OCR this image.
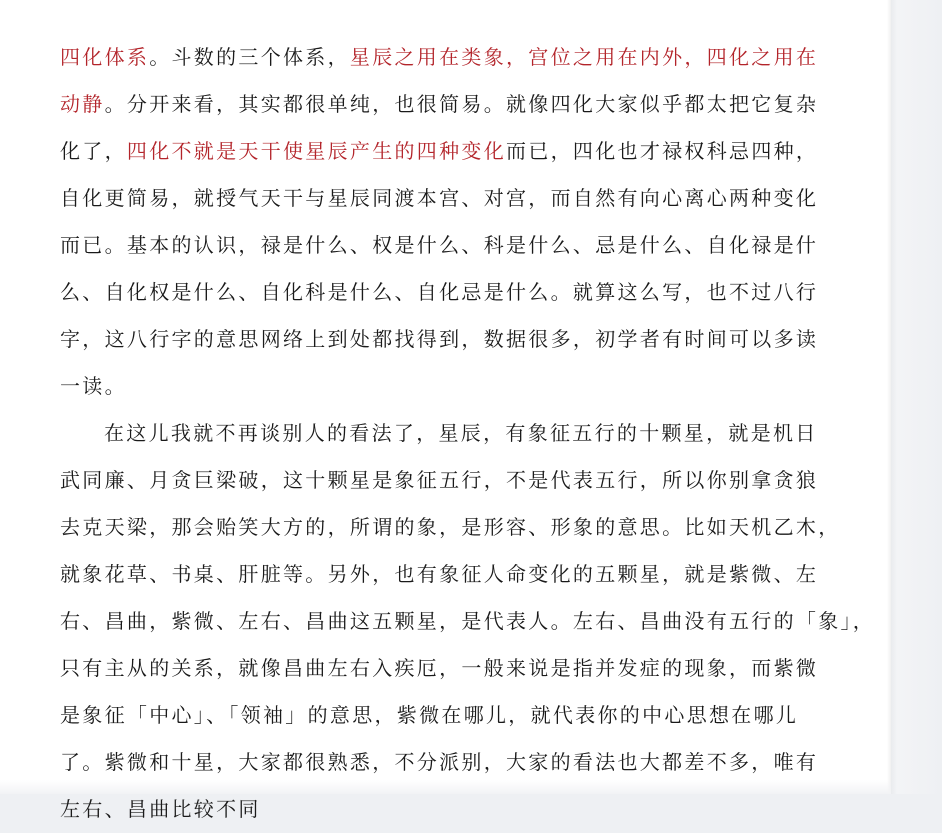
四化体系。斗数的三个体系，星辰之用在类象，宫位之用在内外，四化之用在
动静。分开来看，其实都很单纯，也很简易。就像四化大家似乎都太把它复杂
化了，四化不就是天干使星辰产生的四种变化而已，四化也才禄权科忌四种，
自化更简易，就授气天干与星辰同渡本宫、对宫，而自然有向心离心两种变化
而已。基本的认识，禄是什么、权是什么、科是什么、忌是什么、自化禄是什
么、自化权是什么、自化科是什么、自化忌是什么。就算这么写，也不过八行
字，这八行字的意思网络上到处都找得到，数据很多，初学者有时间可以多读
一读。
在这儿我就不再谈别人的看法了，星辰，有象征五行的十颗星，就是机日
武同廉、月贪巨梁破，这十颗星是象征五行，不是代表五行，所以你别拿贪狼
去克天梁，那会贻笑大方的，所谓的象，是形容、形象的意思。比如天机乙木，
就象花草、书桌、肝脏等。另外，也有象征人命变化的五颗星，就是紫微、左
右、昌曲，紫微、左右、昌曲这五颗星，是代表人。左右、昌曲没有五行的「象」，
只有主从的关系，就像昌曲左右入疾厄，一般来说是指并发症的现象，而紫微
是象征「中心」、「领袖」的意思，紫微在哪儿，就代表你的中心思想在哪儿
了。紫微和十星，大家都很熟悉，不分派别，大家的看法也大都差不多，唯有
左右、昌曲比较不同
